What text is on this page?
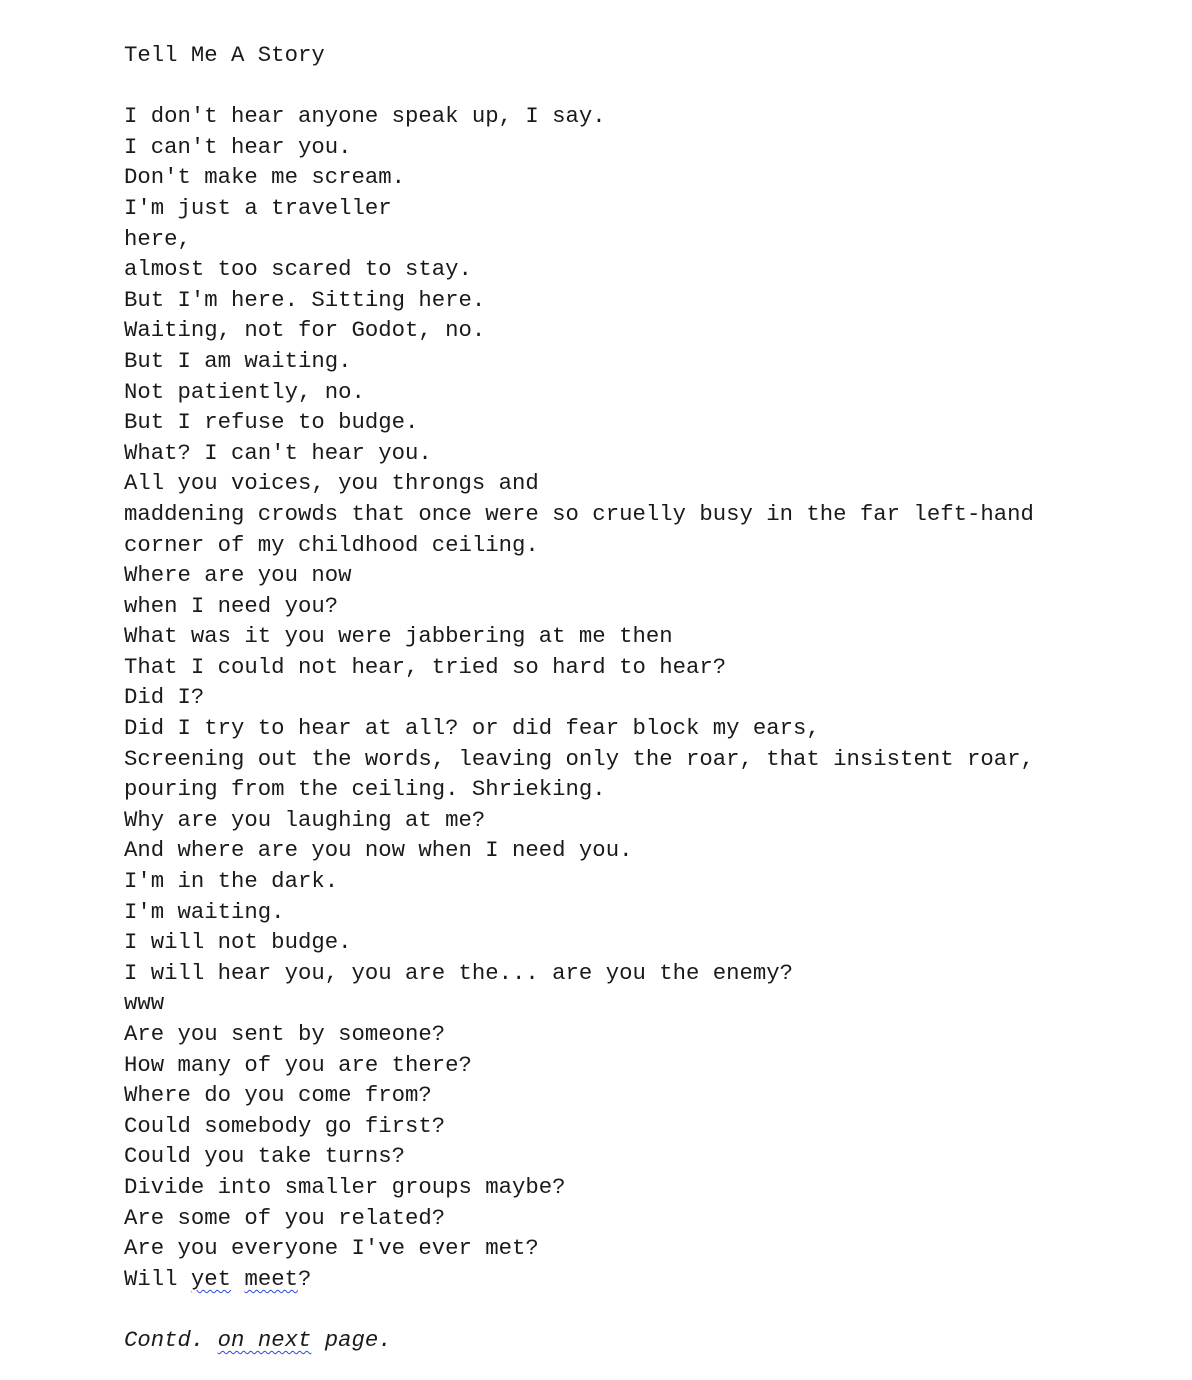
Tell Me A Story
I don't hear anyone speak up, I say.
I can't hear you.
Don't make me scream.
I'm just a traveller
here,
almost too scared to stay.
But I'm here. Sitting here.
Waiting, not for Godot, no.
But I am waiting.
Not patiently, no.
But I refuse to budge.
What? I can't hear you.
All you voices, you throngs and
maddening crowds that once were so cruelly busy in the far left-hand
corner of my childhood ceiling.
Where are you now
when I need you?
What was it you were jabbering at me then
That I could not hear, tried so hard to hear?
Did I?
Did I try to hear at all? or did fear block my ears,
Screening out the words, leaving only the roar, that insistent roar,
pouring from the ceiling. Shrieking.
Why are you laughing at me?
And where are you now when I need you.
I'm in the dark.
I'm waiting.
I will not budge.
I will hear you, you are the... are you the enemy?
www
Are you sent by someone?
How many of you are there?
Where do you come from?
Could somebody go first?
Could you take turns?
Divide into smaller groups maybe?
Are some of you related?
Are you everyone I've ever met?
Will yet meet?
Contd. on next page.
